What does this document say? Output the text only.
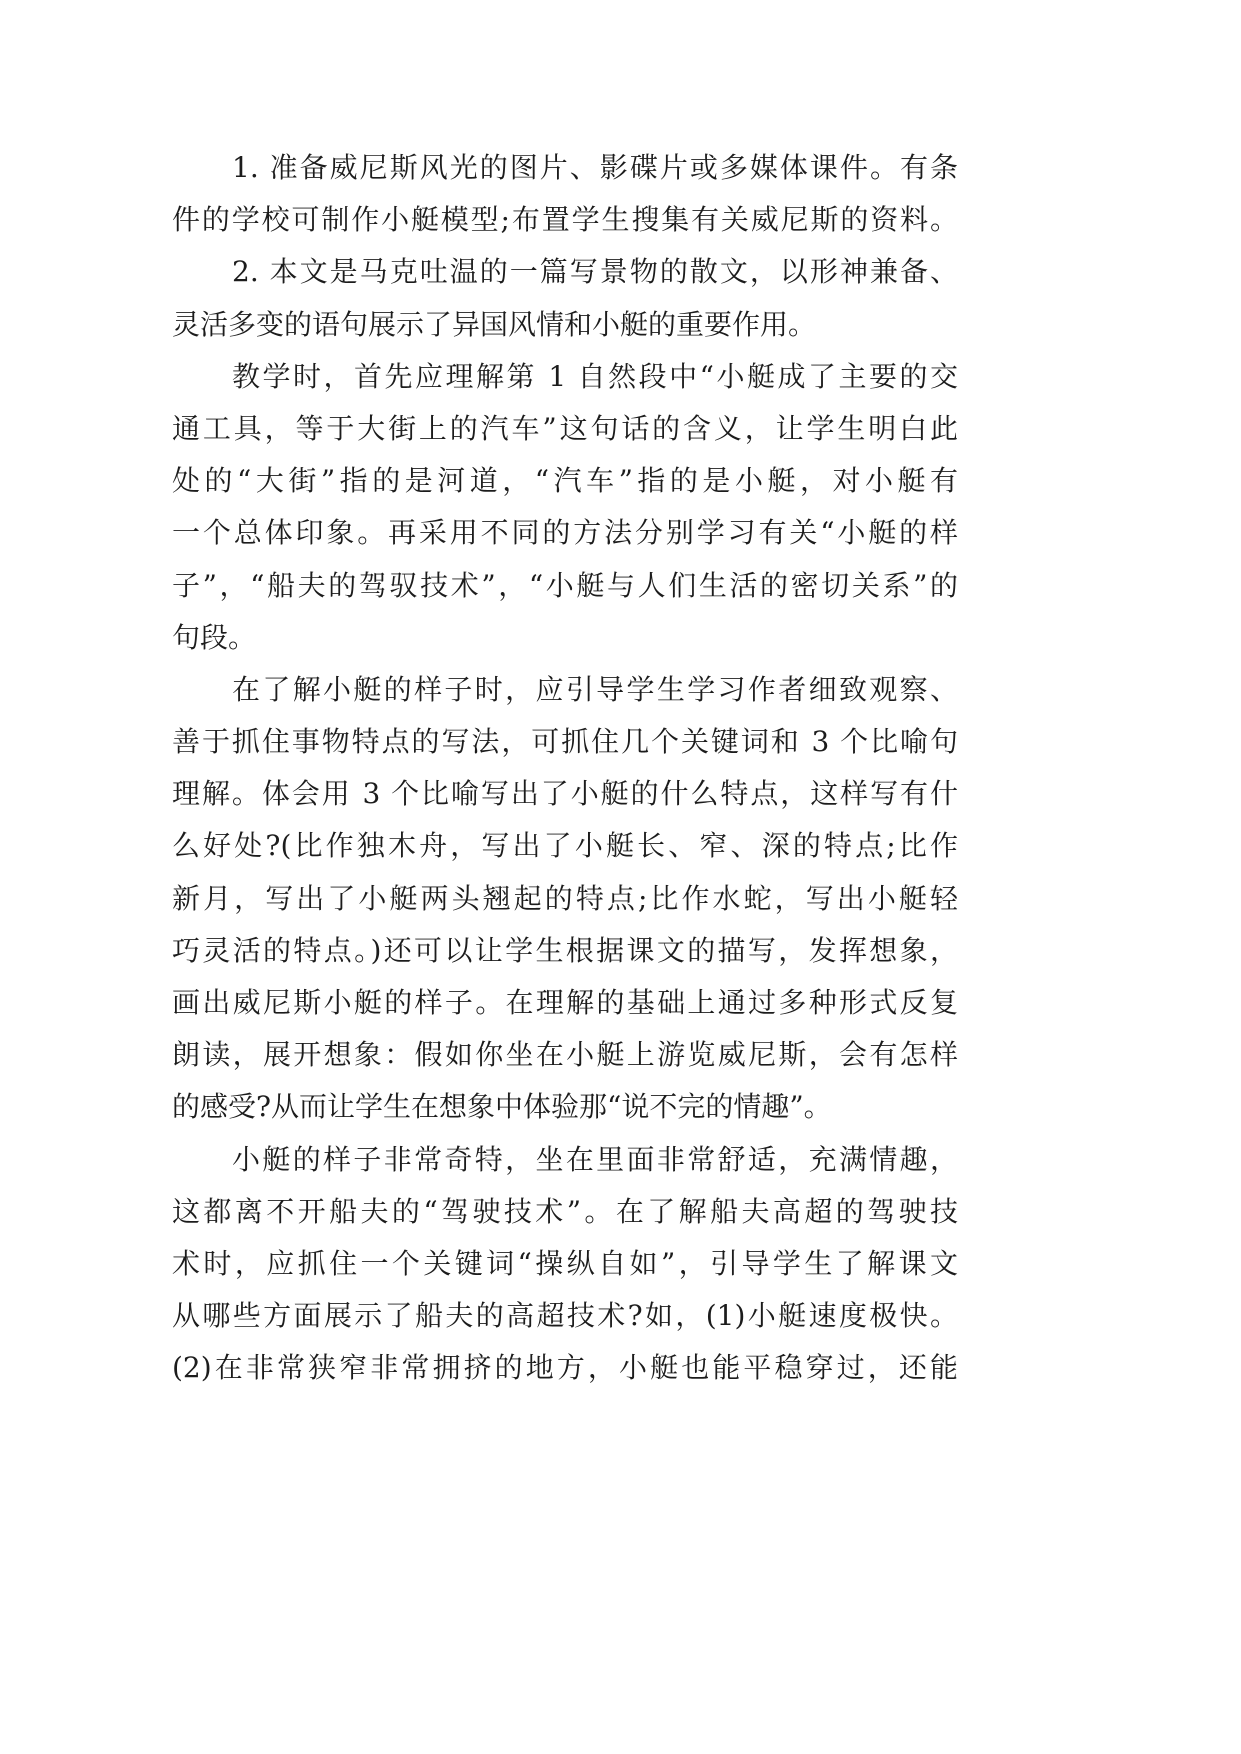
1. 准备威尼斯风光的图片、影碟片或多媒体课件。有条
件的学校可制作小艇模型;布置学生搜集有关威尼斯的资料。
2. 本文是马克吐温的一篇写景物的散文，以形神兼备、
灵活多变的语句展示了异国风情和小艇的重要作用。
教学时，首先应理解第 1 自然段中“小艇成了主要的交
通工具，等于大街上的汽车”这句话的含义，让学生明白此
处的“大街”指的是河道，“汽车”指的是小艇，对小艇有
一个总体印象。再采用不同的方法分别学习有关“小艇的样
子”，“船夫的驾驭技术”，“小艇与人们生活的密切关系”的
句段。
在了解小艇的样子时，应引导学生学习作者细致观察、
善于抓住事物特点的写法，可抓住几个关键词和 3 个比喻句
理解。体会用 3 个比喻写出了小艇的什么特点，这样写有什
么好处?(比作独木舟，写出了小艇长、窄、深的特点;比作
新月，写出了小艇两头翘起的特点;比作水蛇，写出小艇轻
巧灵活的特点。)还可以让学生根据课文的描写，发挥想象，
画出威尼斯小艇的样子。在理解的基础上通过多种形式反复
朗读，展开想象：假如你坐在小艇上游览威尼斯，会有怎样
的感受?从而让学生在想象中体验那“说不完的情趣”。
小艇的样子非常奇特，坐在里面非常舒适，充满情趣，
这都离不开船夫的“驾驶技术”。在了解船夫高超的驾驶技
术时，应抓住一个关键词“操纵自如”，引导学生了解课文
从哪些方面展示了船夫的高超技术?如，(1)小艇速度极快。
(2)在非常狭窄非常拥挤的地方，小艇也能平稳穿过，还能
